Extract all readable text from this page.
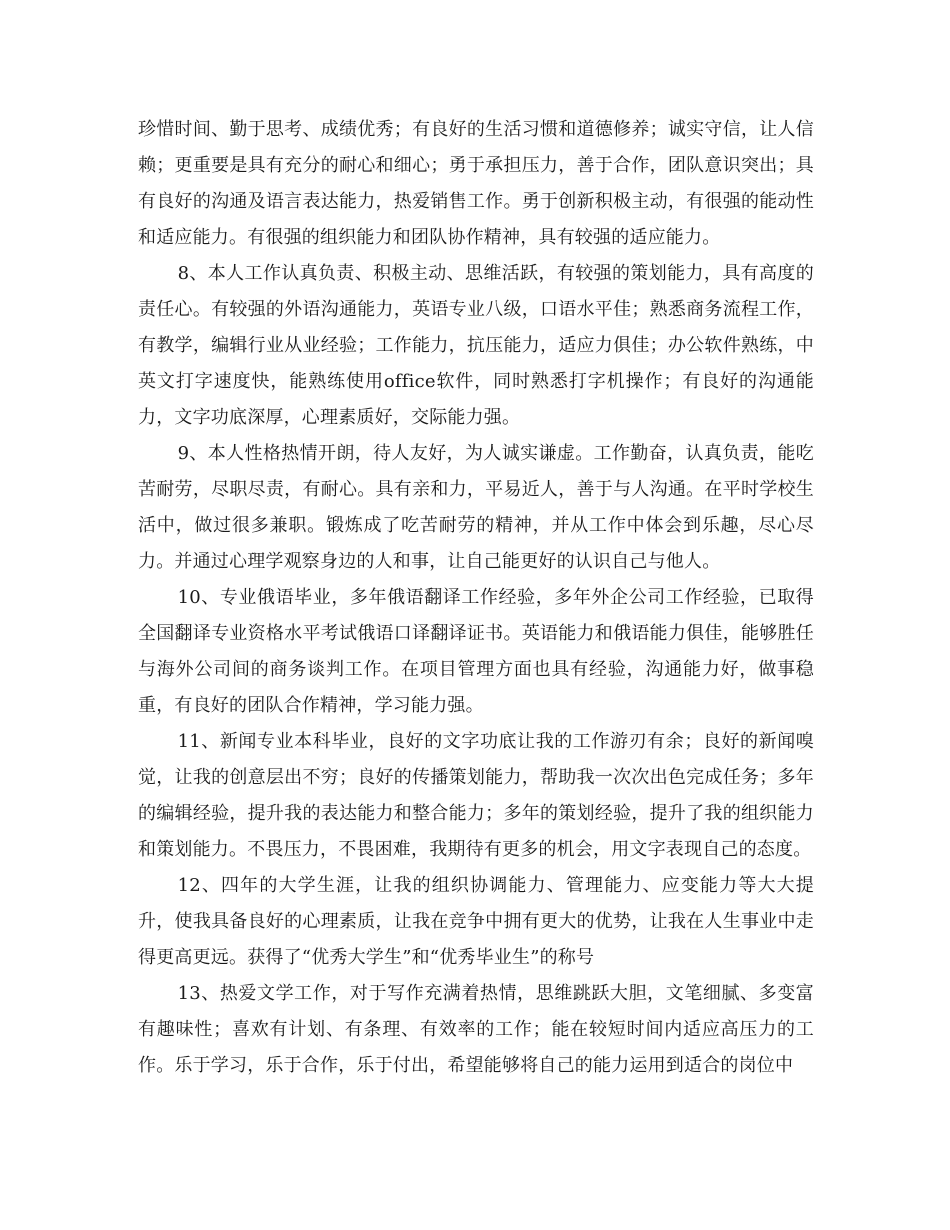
珍惜时间、勤于思考、成绩优秀；有良好的生活习惯和道德修养；诚实守信，让人信赖；更重要是具有充分的耐心和细心；勇于承担压力，善于合作，团队意识突出；具有良好的沟通及语言表达能力，热爱销售工作。勇于创新积极主动，有很强的能动性和适应能力。有很强的组织能力和团队协作精神，具有较强的适应能力。

8、本人工作认真负责、积极主动、思维活跃，有较强的策划能力，具有高度的责任心。有较强的外语沟通能力，英语专业八级，口语水平佳；熟悉商务流程工作，有教学，编辑行业从业经验；工作能力，抗压能力，适应力俱佳；办公软件熟练，中英文打字速度快，能熟练使用office软件，同时熟悉打字机操作；有良好的沟通能力，文字功底深厚，心理素质好，交际能力强。

9、本人性格热情开朗，待人友好，为人诚实谦虚。工作勤奋，认真负责，能吃苦耐劳，尽职尽责，有耐心。具有亲和力，平易近人，善于与人沟通。在平时学校生活中，做过很多兼职。锻炼成了吃苦耐劳的精神，并从工作中体会到乐趣，尽心尽力。并通过心理学观察身边的人和事，让自己能更好的认识自己与他人。

10、专业俄语毕业，多年俄语翻译工作经验，多年外企公司工作经验，已取得全国翻译专业资格水平考试俄语口译翻译证书。英语能力和俄语能力俱佳，能够胜任与海外公司间的商务谈判工作。在项目管理方面也具有经验，沟通能力好，做事稳重，有良好的团队合作精神，学习能力强。

11、新闻专业本科毕业，良好的文字功底让我的工作游刃有余；良好的新闻嗅觉，让我的创意层出不穷；良好的传播策划能力，帮助我一次次出色完成任务；多年的编辑经验，提升我的表达能力和整合能力；多年的策划经验，提升了我的组织能力和策划能力。不畏压力，不畏困难，我期待有更多的机会，用文字表现自己的态度。

12、四年的大学生涯，让我的组织协调能力、管理能力、应变能力等大大提升，使我具备良好的心理素质，让我在竞争中拥有更大的优势，让我在人生事业中走得更高更远。获得了“优秀大学生”和“优秀毕业生”的称号

13、热爱文学工作，对于写作充满着热情，思维跳跃大胆，文笔细腻、多变富有趣味性；喜欢有计划、有条理、有效率的工作；能在较短时间内适应高压力的工作。乐于学习，乐于合作，乐于付出，希望能够将自己的能力运用到适合的岗位中
